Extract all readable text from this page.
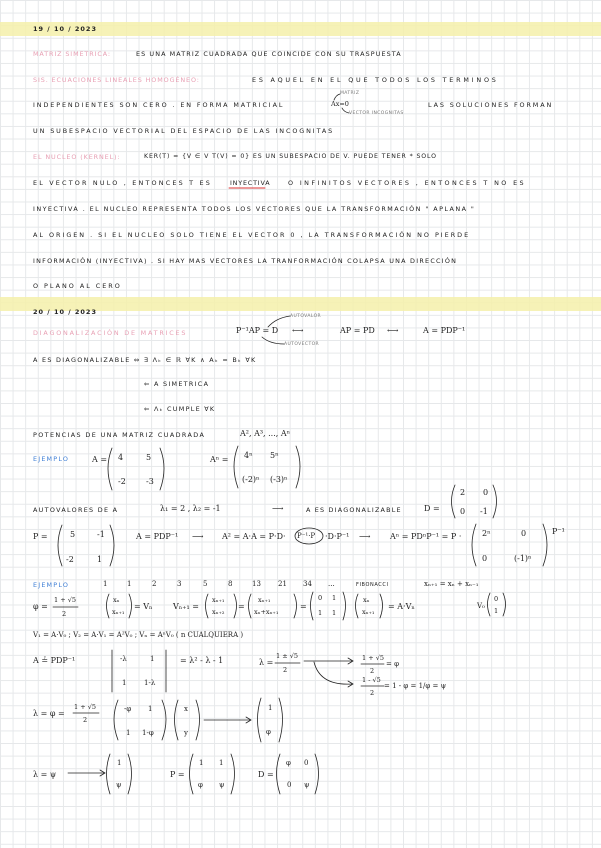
19 / 10 / 2023
MATRIZ SIMETRICA:	ES UNA MATRIZ CUADRADA QUE COINCIDE CON SU TRASPUESTA
SIS. ECUACIONES LINEALES HOMOGÉNEO:	ES AQUEL EN EL QUE TODOS LOS TERMINOS
INDEPENDIENTES SON CERO . EN FORMA MATRICIAL	Ax=0
MATRIZ
VECTOR INCOGNITAS
LAS SOLUCIONES FORMAN
UN SUBESPACIO VECTORIAL DEL ESPACIO DE LAS INCOGNITAS
EL NUCLEO (KERNEL):	KER(T) = {V ∈ V T(V) = 0} ES UN SUBESPACIO DE V. PUEDE TENER * SOLO
EL VECTOR NULO , ENTONCES T ES	INYECTIVA	O INFINITOS VECTORES , ENTONCES T NO ES
INYECTIVA . EL NUCLEO REPRESENTA TODOS LOS VECTORES QUE LA TRANSFORMACIÓN " APLANA "
AL ORIGEN . SI EL NUCLEO SOLO TIENE EL VECTOR 0 , LA TRANSFORMACIÓN NO PIERDE
INFORMACIÓN (INYECTIVA) . SI HAY MAS VECTORES LA TRANFORMACIÓN COLAPSA UNA DIRECCIÓN
O PLANO AL CERO
20 / 10 / 2023
DIAGONALIZACIÓN DE MATRICES	P⁻¹AP = D ⟷	AP = PD ⟷	A = PDP⁻¹
AUTOVALOR
AUTOVECTOR
A ES DIAGONALIZABLE ⇔ ∃ Λₖ ∈ ℝ ∀K ∧ Αₖ = Βₖ ∀K
⇐ A SIMETRICA
⇐ Λₖ CUMPLE ∀K
POTENCIAS DE UNA MATRIZ CUADRADA	A², A³, ..., Aⁿ
EJEMPLO	A = 4	5
-2	-3
Aⁿ = 4ⁿ 5ⁿ
(-2)ⁿ (-3)ⁿ
AUTOVALORES DE A	λ₁ = 2 , λ₂ = -1	⟶	A ES DIAGONALIZABLE	D =
2 0
0 -1
P =	5	-1
-2	1
A = PDP⁻¹ ⟶ A² = A·A = P·D· P⁻¹·P ·D·P⁻¹ ⟶ Aⁿ = PDⁿP⁻¹ = P ·	2ⁿ	0
0	(-1)ⁿ
P⁻¹
EJEMPLO	1	1	2	3	5	8	13 21 34 ...	FIBONACCI	xₙ₊₁ = xₙ + xₙ₋₁
φ =
1 + √5
2
xₙ
xₙ₊₁
= Vₙ	Vₙ₊₁ =
xₙ₊₁
xₙ₊₂
=
xₙ₊₁
xₙ+xₙ₊₁
=
0 1
1 1
xₙ
xₙ₊₁
= A·Vₙ	V₀
0
1
V₁ = A·V₀ ; V₂ = A·V₁ = A²V₀ ; Vₙ = AⁿV₀ ( n CUALQUIERA )
A ≟ PDP⁻¹	-λ	1
1	1-λ
= λ² - λ - 1	λ =
1 ± √5
2
1 + √5
2
= φ
1 - √5
2
= 1 - φ = 1/φ = ψ
λ = φ =
1 + √5
2
-φ 1
1 1-φ
x
y
1
φ
λ = ψ
1
ψ
P =
1 1
φ ψ
D =
φ 0
0 ψ
